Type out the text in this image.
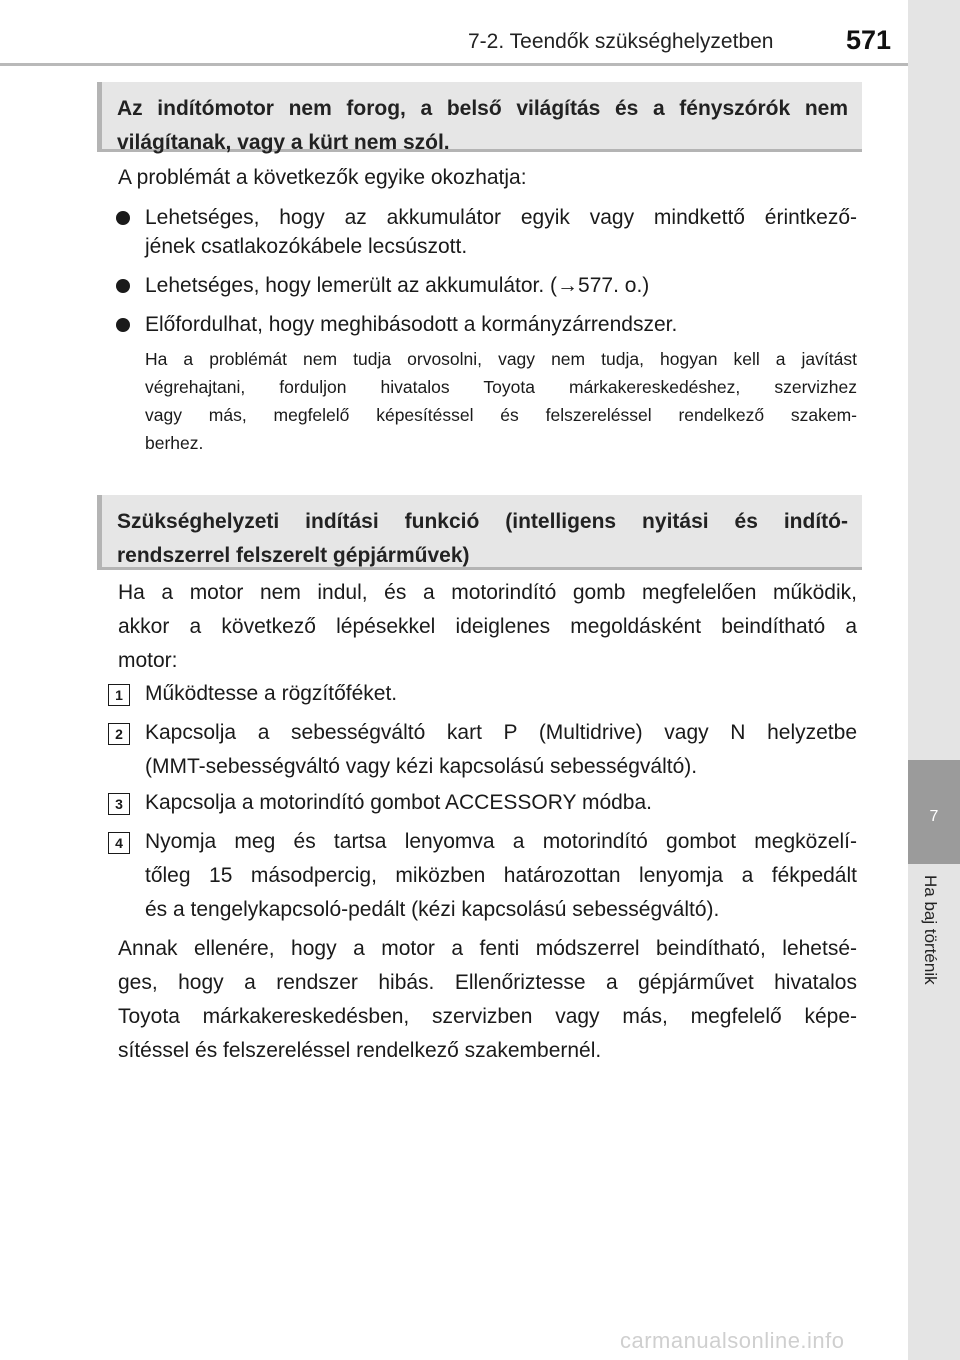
7-2. Teendők szükséghelyzetben	571
7
Ha baj történik
Az indítómotor nem forog, a belső világítás és a fényszórók nem
világítanak, vagy a kürt nem szól.
A problémát a következők egyike okozhatja:
Lehetséges, hogy az akkumulátor egyik vagy mindkettő érintkező-
jének csatlakozókábele lecsúszott.
Lehetséges, hogy lemerült az akkumulátor. (→577. o.)
Előfordulhat, hogy meghibásodott a kormányzárrendszer.
Ha a problémát nem tudja orvosolni, vagy nem tudja, hogyan kell a javítást
végrehajtani, forduljon hivatalos Toyota márkakereskedéshez, szervizhez
vagy más, megfelelő képesítéssel és felszereléssel rendelkező szakem-
berhez.
Szükséghelyzeti indítási funkció (intelligens nyitási és indító-
rendszerrel felszerelt gépjárművek)
Ha a motor nem indul, és a motorindító gomb megfelelően működik,
akkor a következő lépésekkel ideiglenes megoldásként beindítható a
motor:
1	Működtesse a rögzítőféket.
2	Kapcsolja a sebességváltó kart P (Multidrive) vagy N helyzetbe
(MMT-sebességváltó vagy kézi kapcsolású sebességváltó).
3	Kapcsolja a motorindító gombot ACCESSORY módba.
4	Nyomja meg és tartsa lenyomva a motorindító gombot megközelí-
tőleg 15 másodpercig, miközben határozottan lenyomja a fékpedált
és a tengelykapcsoló-pedált (kézi kapcsolású sebességváltó).
Annak ellenére, hogy a motor a fenti módszerrel beindítható, lehetsé-
ges, hogy a rendszer hibás. Ellenőriztesse a gépjárművet hivatalos
Toyota márkakereskedésben, szervizben vagy más, megfelelő képe-
sítéssel és felszereléssel rendelkező szakembernél.
carmanualsonline.info
